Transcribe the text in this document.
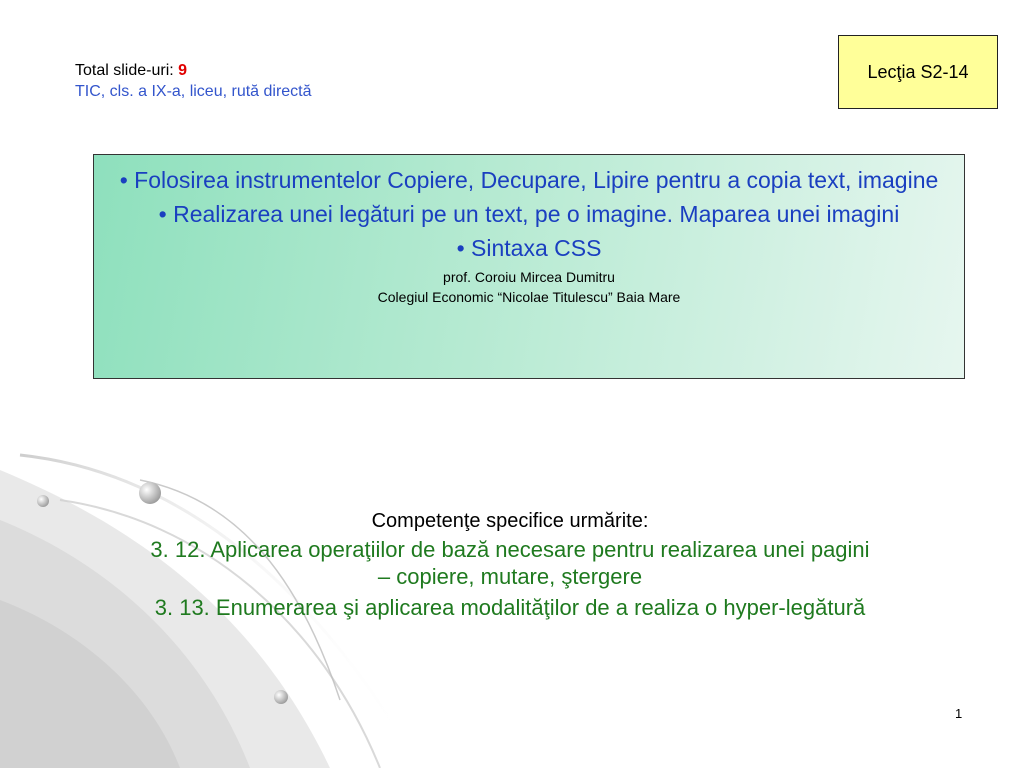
Total slide-uri: 9
TIC, cls. a IX-a, liceu, rută directă
Lecţia S2-14
• Folosirea instrumentelor Copiere, Decupare, Lipire pentru a copia text, imagine
• Realizarea unei legături pe un text, pe o imagine. Maparea unei imagini
• Sintaxa CSS
prof. Coroiu Mircea Dumitru
Colegiul Economic “Nicolae Titulescu” Baia Mare
Competenţe specifice urmărite:
3. 12. Aplicarea operaţiilor de bază necesare pentru realizarea unei pagini – copiere, mutare, ştergere
3. 13. Enumerarea şi aplicarea modalităţilor de a realiza o hyper-legătură
1
